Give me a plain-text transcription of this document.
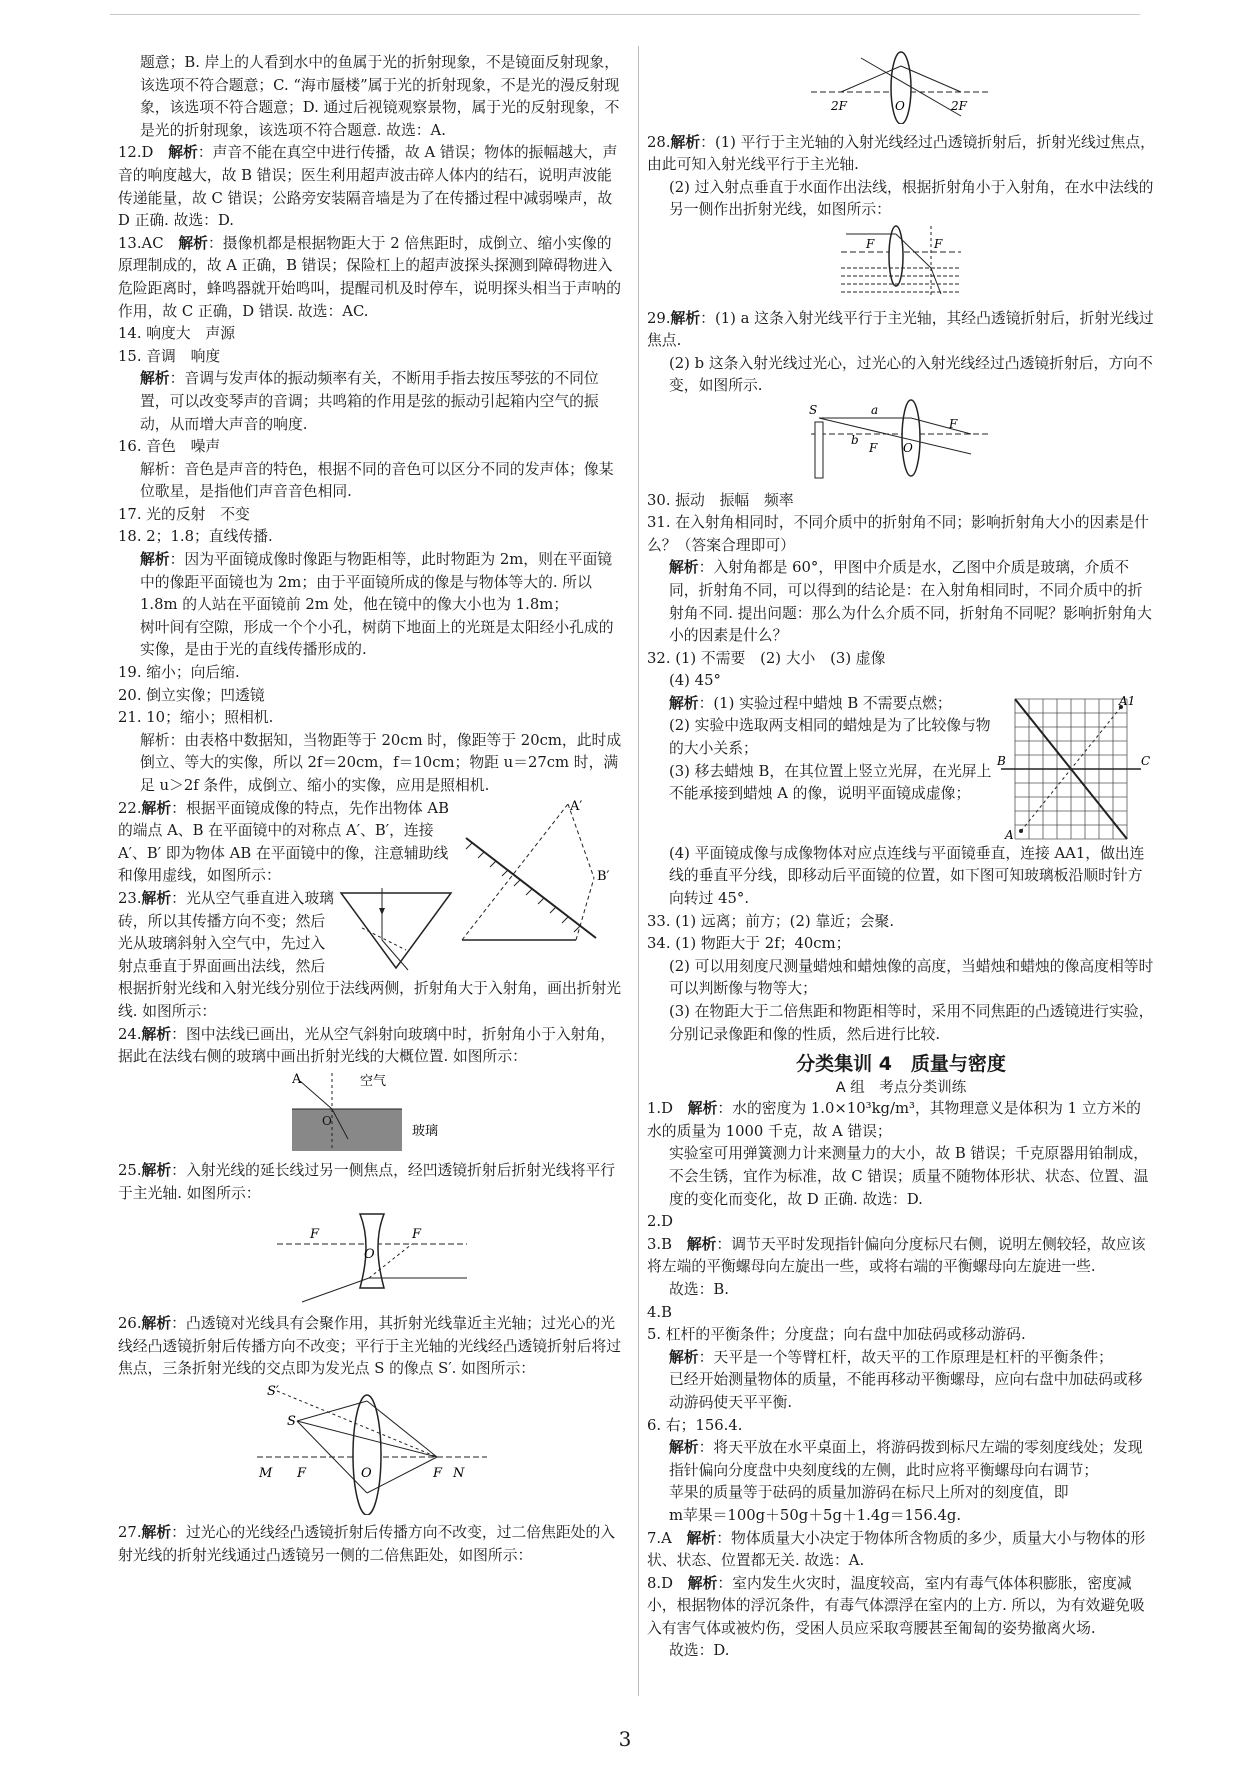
题意；B. 岸上的人看到水中的鱼属于光的折射现象，不是镜面反射现象，该选项不符合题意；C. “海市蜃楼”属于光的折射现象，不是光的漫反射现象，该选项不符合题意；D. 通过后视镜观察景物，属于光的反射现象，不是光的折射现象，该选项不符合题意. 故选：A.

12.D　 解析：声音不能在真空中进行传播，故 A 错误；物体的振幅越大，声音的响度越大，故 B 错误；医生利用超声波击碎人体内的结石，说明声波能传递能量，故 C 错误；公路旁安装隔音墙是为了在传播过程中减弱噪声，故 D 正确. 故选：D.

13.AC　 解析：摄像机都是根据物距大于 2 倍焦距时，成倒立、缩小实像的原理制成的，故 A 正确，B 错误；保险杠上的超声波探头探测到障碍物进入危险距离时，蜂鸣器就开始鸣叫，提醒司机及时停车，说明探头相当于声呐的作用，故 C 正确，D 错误. 故选：AC.

14. 响度大　声源

15. 音调　响度

解析：音调与发声体的振动频率有关，不断用手指去按压琴弦的不同位置，可以改变琴声的音调；共鸣箱的作用是弦的振动引起箱内空气的振动，从而增大声音的响度.

16. 音色　噪声

解析：音色是声音的特色，根据不同的音色可以区分不同的发声体；像某位歌星，是指他们声音音色相同.

17. 光的反射　不变

18. 2；1.8；直线传播.

解析：因为平面镜成像时像距与物距相等，此时物距为 2m，则在平面镜中的像距平面镜也为 2m；由于平面镜所成的像是与物体等大的. 所以 1.8m 的人站在平面镜前 2m 处，他在镜中的像大小也为 1.8m；

树叶间有空隙，形成一个个小孔，树荫下地面上的光斑是太阳经小孔成的实像，是由于光的直线传播形成的.

19. 缩小；向后缩.

20. 倒立实像；凹透镜

21. 10；缩小；照相机.

解析：由表格中数据知，当物距等于 20cm 时，像距等于 20cm，此时成倒立、等大的实像，所以 2f＝20cm，f＝10cm；物距 u＝27cm 时，满足 u＞2f 条件，成倒立、缩小的实像，应用是照相机.

A′
B′

22.解析：根据平面镜成像的特点，先作出物体 AB 的端点 A、B 在平面镜中的对称点 A′、B′，连接 A′、B′ 即为物体 AB 在平面镜中的像，注意辅助线和像用虚线，如图所示：

23.解析：光从空气垂直进入玻璃砖，所以其传播方向不变；然后光从玻璃斜射入空气中，先过入射点垂直于界面画出法线，然后根据折射光线和入射光线分别位于法线两侧，折射角大于入射角，画出折射光线. 如图所示：

24.解析：图中法线已画出，光从空气斜射向玻璃中时，折射角小于入射角，据此在法线右侧的玻璃中画出折射光线的大概位置. 如图所示：

A
O
空气
玻璃

25.解析：入射光线的延长线过另一侧焦点，经凹透镜折射后折射光线将平行于主光轴. 如图所示：

F
O
F

26.解析：凸透镜对光线具有会聚作用，其折射光线靠近主光轴；过光心的光线经凸透镜折射后传播方向不改变；平行于主光轴的光线经凸透镜折射后将过焦点，三条折射光线的交点即为发光点 S 的像点 S′. 如图所示：

S′
S
M F	O	F N

27.解析：过光心的光线经凸透镜折射后传播方向不改变，过二倍焦距处的入射光线的折射光线通过凸透镜另一侧的二倍焦距处，如图所示：

2F	O	2F

28.解析：(1) 平行于主光轴的入射光线经过凸透镜折射后，折射光线过焦点，由此可知入射光线平行于主光轴.

(2) 过入射点垂直于水面作出法线，根据折射角小于入射角，在水中法线的另一侧作出折射光线，如图所示：

F	F

29.解析：(1) a 这条入射光线平行于主光轴，其经凸透镜折射后，折射光线过焦点.

(2) b 这条入射光线过光心，过光心的入射光线经过凸透镜折射后，方向不变，如图所示.

S	a
b
F O
F

30. 振动　振幅　频率

31. 在入射角相同时，不同介质中的折射角不同；影响折射角大小的因素是什么？（答案合理即可）

解析：入射角都是 60°，甲图中介质是水，乙图中介质是玻璃，介质不同，折射角不同，可以得到的结论是：在入射角相同时，不同介质中的折射角不同. 提出问题：那么为什么介质不同，折射角不同呢？影响折射角大小的因素是什么？

32. (1) 不需要　(2) 大小　(3) 虚像

(4) 45°

A1
A
B	C

解析：(1) 实验过程中蜡烛 B 不需要点燃；

(2) 实验中选取两支相同的蜡烛是为了比较像与物的大小关系；

(3) 移去蜡烛 B，在其位置上竖立光屏，在光屏上不能承接到蜡烛 A 的像，说明平面镜成虚像；

(4) 平面镜成像与成像物体对应点连线与平面镜垂直，连接 AA1，做出连线的垂直平分线，即移动后平面镜的位置，如下图可知玻璃板沿顺时针方向转过 45°.

33. (1) 远离；前方；(2) 靠近；会聚.

34. (1) 物距大于 2f；40cm；

(2) 可以用刻度尺测量蜡烛和蜡烛像的高度，当蜡烛和蜡烛的像高度相等时可以判断像与物等大；

(3) 在物距大于二倍焦距和物距相等时，采用不同焦距的凸透镜进行实验，分别记录像距和像的性质，然后进行比较.

分类集训 4　质量与密度
A 组　考点分类训练

1.D　 解析：水的密度为 1.0×10³kg/m³，其物理意义是体积为 1 立方米的水的质量为 1000 千克，故 A 错误；

实验室可用弹簧测力计来测量力的大小，故 B 错误；千克原器用铂制成，不会生锈，宜作为标准，故 C 错误；质量不随物体形状、状态、位置、温度的变化而变化，故 D 正确. 故选：D.

2.D

3.B　 解析：调节天平时发现指针偏向分度标尺右侧，说明左侧较轻，故应该将左端的平衡螺母向左旋出一些，或将右端的平衡螺母向左旋进一些.

故选：B.

4.B

5. 杠杆的平衡条件；分度盘；向右盘中加砝码或移动游码.

解析：天平是一个等臂杠杆，故天平的工作原理是杠杆的平衡条件；

已经开始测量物体的质量，不能再移动平衡螺母，应向右盘中加砝码或移动游码使天平平衡.

6. 右；156.4.

解析：将天平放在水平桌面上，将游码拨到标尺左端的零刻度线处；发现指针偏向分度盘中央刻度线的左侧，此时应将平衡螺母向右调节；

苹果的质量等于砝码的质量加游码在标尺上所对的刻度值，即

m苹果＝100g＋50g＋5g＋1.4g＝156.4g.

7.A　 解析：物体质量大小决定于物体所含物质的多少，质量大小与物体的形状、状态、位置都无关. 故选：A.

8.D　 解析：室内发生火灾时，温度较高，室内有毒气体体积膨胀，密度减小，根据物体的浮沉条件，有毒气体漂浮在室内的上方. 所以，为有效避免吸入有害气体或被灼伤，受困人员应采取弯腰甚至匍匐的姿势撤离火场.

故选：D.

3
